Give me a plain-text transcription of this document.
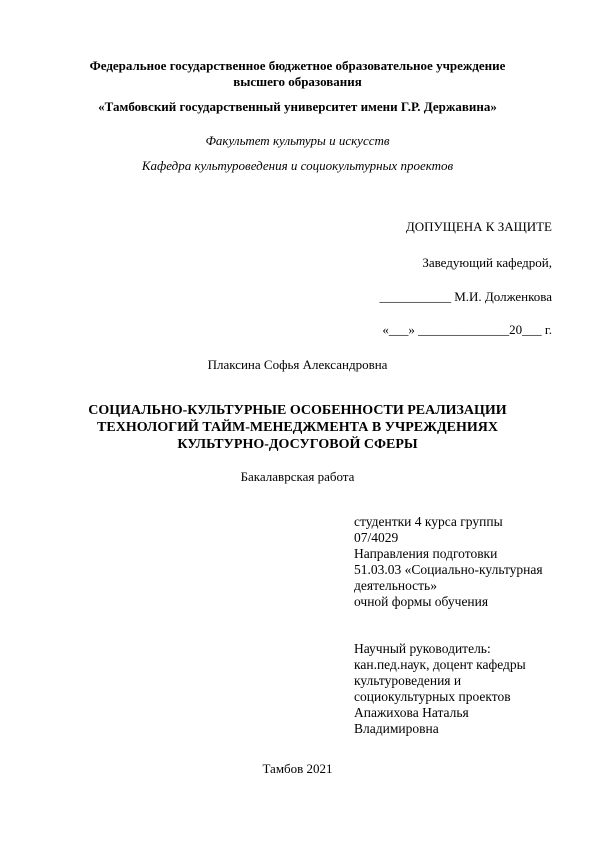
Федеральное государственное бюджетное образовательное учреждение

высшего образования

«Тамбовский государственный университет имени Г.Р. Державина»

Факультет культуры и искусств

Кафедра культуроведения и социокультурных проектов

ДОПУЩЕНА К ЗАЩИТЕ

Заведующий кафедрой,

___________ М.И. Долженкова

«___» ______________20___ г.

Плаксина Софья Александровна

СОЦИАЛЬНО-КУЛЬТУРНЫЕ ОСОБЕННОСТИ РЕАЛИЗАЦИИ

ТЕХНОЛОГИЙ ТАЙМ-МЕНЕДЖМЕНТА В УЧРЕЖДЕНИЯХ

КУЛЬТУРНО-ДОСУГОВОЙ СФЕРЫ

Бакалаврская работа

студентки 4 курса группы
07/4029
Направления подготовки
51.03.03 «Социально-культурная
деятельность»
очной формы обучения
Научный руководитель:
кан.пед.наук, доцент кафедры
культуроведения и
социокультурных проектов
Апажихова Наталья
Владимировна

Тамбов 2021
